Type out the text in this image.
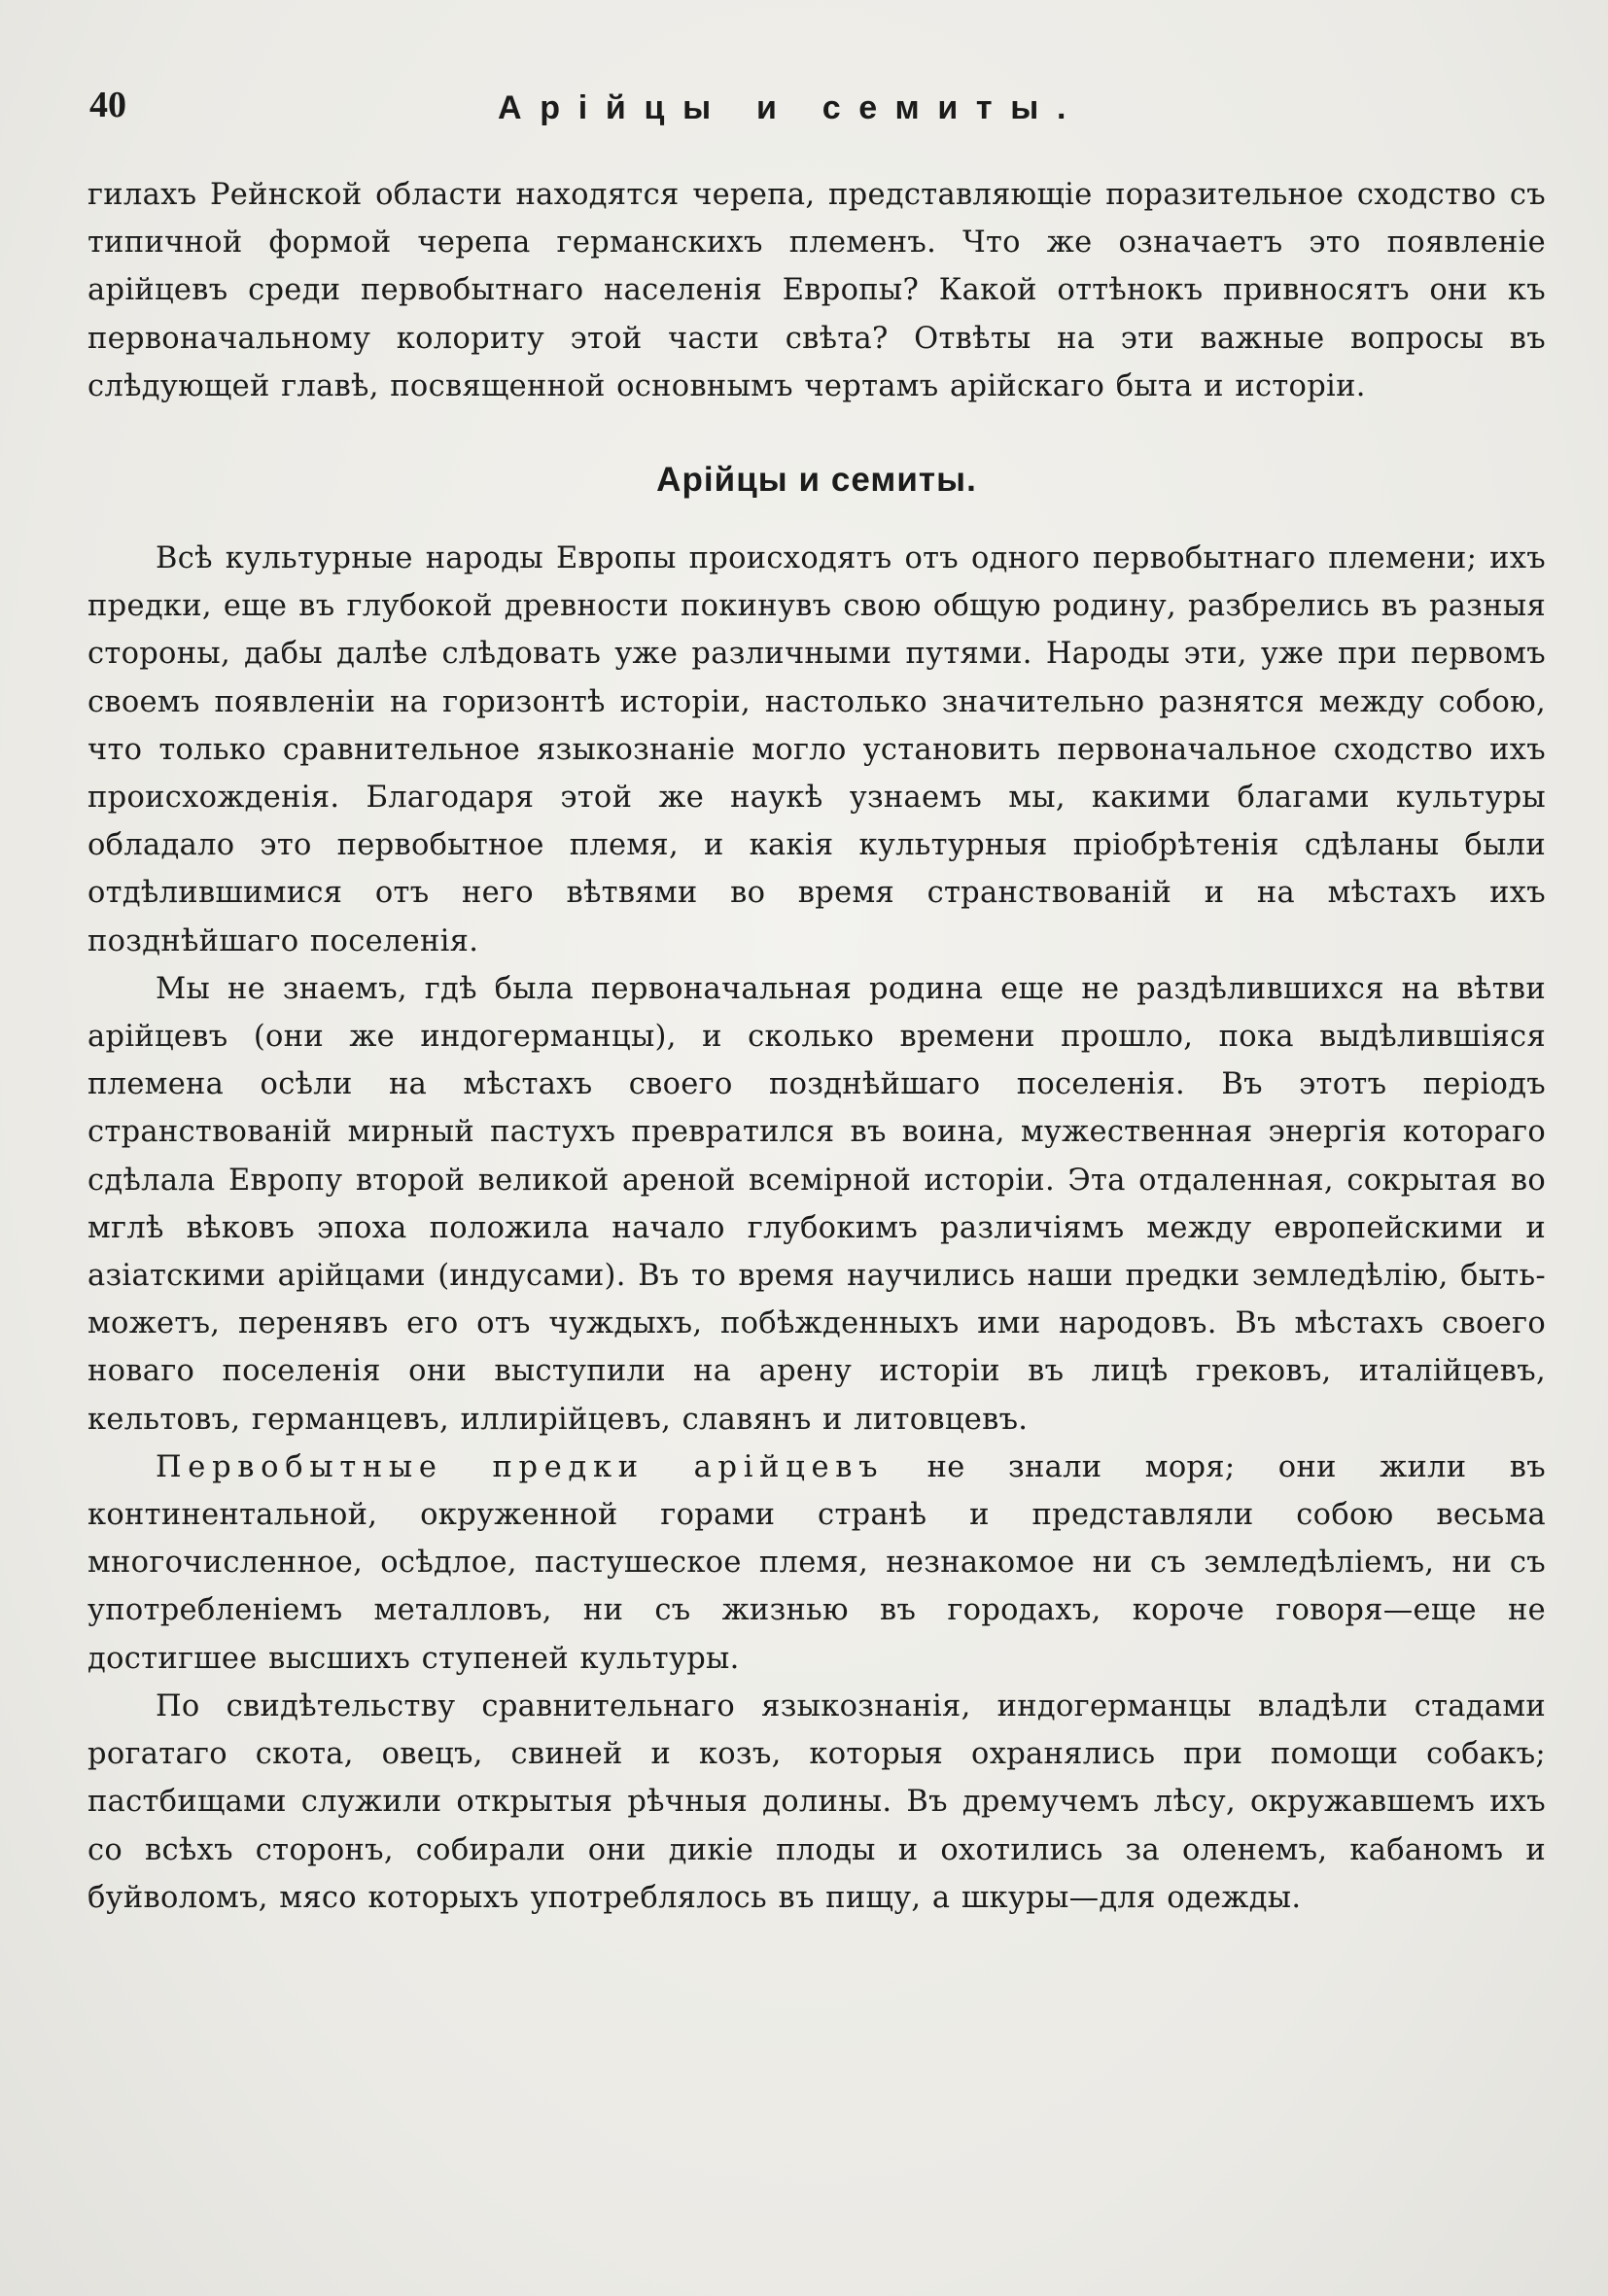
40	Арійцы и семиты.

гилахъ Рейнской области находятся черепа, представляющіе поразительное сходство съ типичной формой черепа германскихъ племенъ. Что же означаетъ это появленіе арійцевъ среди первобытнаго населенія Европы? Какой оттѣнокъ привносятъ они къ первоначальному колориту этой части свѣта? Отвѣты на эти важные вопросы въ слѣдующей главѣ, посвященной основнымъ чертамъ арійскаго быта и исторіи.

Арійцы и семиты.

Всѣ культурные народы Европы происходятъ отъ одного первобытнаго племени; ихъ предки, еще въ глубокой древности покинувъ свою общую родину, разбрелись въ разныя стороны, дабы далѣе слѣдовать уже различными путями. Народы эти, уже при первомъ своемъ появленіи на горизонтѣ исторіи, настолько значительно разнятся между собою, что только сравнительное языкознаніе могло установить первоначальное сходство ихъ происхожденія. Благодаря этой же наукѣ узнаемъ мы, какими благами культуры обладало это первобытное племя, и какія культурныя пріобрѣтенія сдѣланы были отдѣлившимися отъ него вѣтвями во время странствованій и на мѣстахъ ихъ позднѣйшаго поселенія.

Мы не знаемъ, гдѣ была первоначальная родина еще не раздѣлившихся на вѣтви арійцевъ (они же индогерманцы), и сколько времени прошло, пока выдѣлившіяся племена осѣли на мѣстахъ своего позднѣйшаго поселенія. Въ этотъ періодъ странствованій мирный пастухъ превратился въ воина, мужественная энергія котораго сдѣлала Европу второй великой ареной всемірной исторіи. Эта отдаленная, сокрытая во мглѣ вѣковъ эпоха положила начало глубокимъ различіямъ между европейскими и азіатскими арійцами (индусами). Въ то время научились наши предки земледѣлію, быть-можетъ, перенявъ его отъ чуждыхъ, побѣжденныхъ ими народовъ. Въ мѣстахъ своего новаго поселенія они выступили на арену исторіи въ лицѣ грековъ, италійцевъ, кельтовъ, германцевъ, иллирійцевъ, славянъ и литовцевъ.

Первобытные предки арійцевъ не знали моря; они жили въ континентальной, окруженной горами странѣ и представляли собою весьма многочисленное, осѣдлое, пастушеское племя, незнакомое ни съ земледѣліемъ, ни съ употребленіемъ металловъ, ни съ жизнью въ городахъ, короче говоря—еще не достигшее высшихъ ступеней культуры.

По свидѣтельству сравнительнаго языкознанія, индогерманцы владѣли стадами рогатаго скота, овецъ, свиней и козъ, которыя охранялись при помощи собакъ; пастбищами служили открытыя рѣчныя долины. Въ дремучемъ лѣсу, окружавшемъ ихъ со всѣхъ сторонъ, собирали они дикіе плоды и охотились за оленемъ, кабаномъ и буйволомъ, мясо которыхъ употреблялось въ пищу, а шкуры—для одежды.
